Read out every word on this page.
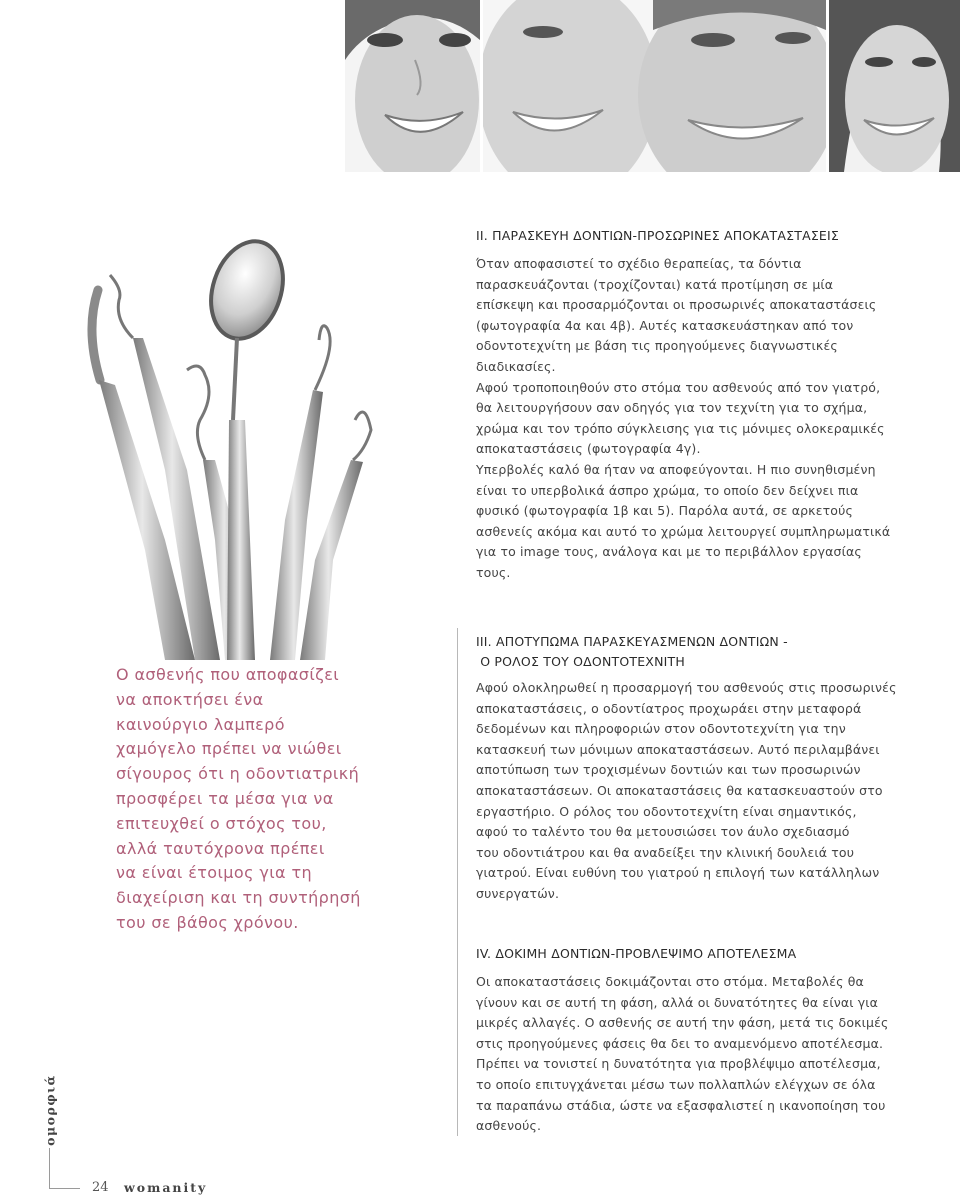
II. ΠΑΡΑΣΚΕΥΗ ΔΟΝΤΙΩΝ-ΠΡΟΣΩΡΙΝΕΣ ΑΠΟΚΑΤΑΣΤΑΣΕΙΣ

Όταν αποφασιστεί το σχέδιο θεραπείας, τα δόντια
παρασκευάζονται (τροχίζονται) κατά προτίμηση σε μία
επίσκεψη και προσαρμόζονται οι προσωρινές αποκαταστάσεις
(φωτογραφία 4α και 4β). Αυτές κατασκευάστηκαν από τον
οδοντοτεχνίτη με βάση τις προηγούμενες διαγνωστικές
διαδικασίες.
Αφού τροποποιηθούν στο στόμα του ασθενούς από τον γιατρό,
θα λειτουργήσουν σαν οδηγός για τον τεχνίτη για το σχήμα,
χρώμα και τον τρόπο σύγκλεισης για τις μόνιμες ολοκεραμικές
αποκαταστάσεις (φωτογραφία 4γ).
Υπερβολές καλό θα ήταν να αποφεύγονται. Η πιο συνηθισμένη
είναι το υπερβολικά άσπρο χρώμα, το οποίο δεν δείχνει πια
φυσικό (φωτογραφία 1β και 5). Παρόλα αυτά, σε αρκετούς
ασθενείς ακόμα και αυτό το χρώμα λειτουργεί συμπληρωματικά
για το image τους, ανάλογα και με το περιβάλλον εργασίας
τους.

III. ΑΠΟΤΥΠΩΜΑ ΠΑΡΑΣΚΕΥΑΣΜΕΝΩΝ ΔΟΝΤΙΩΝ -
Ο ΡΟΛΟΣ ΤΟΥ ΟΔΟΝΤΟΤΕΧΝΙΤΗ

Αφού ολοκληρωθεί η προσαρμογή του ασθενούς στις προσωρινές
αποκαταστάσεις, ο οδοντίατρος προχωράει στην μεταφορά
δεδομένων και πληροφοριών στον οδοντοτεχνίτη για την
κατασκευή των μόνιμων αποκαταστάσεων. Αυτό περιλαμβάνει
αποτύπωση των τροχισμένων δοντιών και των προσωρινών
αποκαταστάσεων. Οι αποκαταστάσεις θα κατασκευαστούν στο
εργαστήριο. Ο ρόλος του οδοντοτεχνίτη είναι σημαντικός,
αφού το ταλέντο του θα μετουσιώσει τον άυλο σχεδιασμό
του οδοντιάτρου και θα αναδείξει την κλινική δουλειά του
γιατρού. Είναι ευθύνη του γιατρού η επιλογή των κατάλληλων
συνεργατών.

IV. ΔΟΚΙΜΗ ΔΟΝΤΙΩΝ-ΠΡΟΒΛΕΨΙΜΟ ΑΠΟΤΕΛΕΣΜΑ

Οι αποκαταστάσεις δοκιμάζονται στο στόμα. Μεταβολές θα
γίνουν και σε αυτή τη φάση, αλλά οι δυνατότητες θα είναι για
μικρές αλλαγές. Ο ασθενής σε αυτή την φάση, μετά τις δοκιμές
στις προηγούμενες φάσεις θα δει το αναμενόμενο αποτέλεσμα.
Πρέπει να τονιστεί η δυνατότητα για προβλέψιμο αποτέλεσμα,
το οποίο επιτυγχάνεται μέσω των πολλαπλών ελέγχων σε όλα
τα παραπάνω στάδια, ώστε να εξασφαλιστεί η ικανοποίηση του
ασθενούς.

Ο ασθενής που αποφασίζει
να αποκτήσει ένα
καινούργιο λαμπερό
χαμόγελο πρέπει να νιώθει
σίγουρος ότι η οδοντιατρική
προσφέρει τα μέσα για να
επιτευχθεί ο στόχος του,
αλλά ταυτόχρονα πρέπει
να είναι έτοιμος για τη
διαχείριση και τη συντήρησή
του σε βάθος χρόνου.

ομορφιά
24 womanity
